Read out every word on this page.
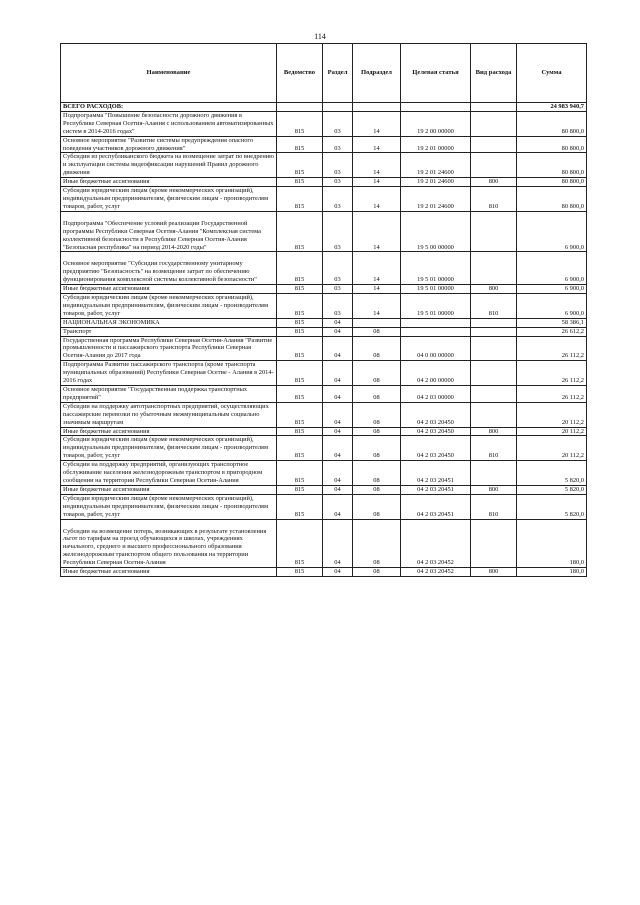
114
Наименование	Ведомство	Раздел	Подраздел	Целевая статья	Вид расхода	Сумма
ВСЕГО РАСХОДОВ:						24 983 940,7
Подпрограмма "Повышение безопасности дорожного движения в Республике Северная Осетия-Алания с использованием автоматизированных систем в 2014-2016 годах"	815	03	14	19 2 00 00000		80 800,0
Основное мероприятие "Развитие системы предупреждения опасного поведения участников дорожного движения"	815	03	14	19 2 01 00000		80 800,0
Субсидии из республиканского бюджета на возмещение затрат по внедрению и эксплуатации системы видеофиксации нарушений Правил дорожного движения	815	03	14	19 2 01 24600		80 800,0
Иные бюджетные ассигнования	815	03	14	19 2 01 24600	800	80 800,0
Субсидии юридическим лицам (кроме некоммерческих организаций), индивидуальным предпринимателям, физическим лицам - производителям товаров, работ, услуг	815	03	14	19 2 01 24600	810	80 800,0
Подпрограмма "Обеспечение условий реализации Государственной программы Республики Северная Осетия-Алания "Комплексная система коллективной безопасности в Республике Северная Осетия-Алания "Безопасная республика" на период 2014-2020 годы"	815	03	14	19 5 00 00000		6 900,0
Основное мероприятие "Субсидии государственному унитарному предприятию "Безопасность" на возмещение затрат по обеспечению функционирования комплексной системы коллективной безопасности"	815	03	14	19 5 01 00000		6 900,0
Иные бюджетные ассигнования	815	03	14	19 5 01 00000	800	6 900,0
Субсидии юридическим лицам (кроме некоммерческих организаций), индивидуальным предпринимателям, физическим лицам - производителям товаров, работ, услуг	815	03	14	19 5 01 00000	810	6 900,0
НАЦИОНАЛЬНАЯ ЭКОНОМИКА	815	04				58 386,1
Транспорт	815	04	08			26 612,2
Государственная программа Республики Северная Осетия-Алания "Развитие промышленности и пассажирского транспорта Республики Северная Осетия-Алания до 2017 года	815	04	08	04 0 00 00000		26 112,2
Подпрограмма Развитие пассажирского транспорта (кроме транспорта муниципальных образований) Республики Северная Осетие - Алания в 2014-2016 годах	815	04	08	04 2 00 00000		26 112,2
Основное мероприятие "Государственная поддержка транспортных предприятий"	815	04	08	04 2 03 00000		26 112,2
Субсидии на поддержку автотранспортных предприятий, осуществляющих пассажирские перевозки по убыточным межмуниципальным социально значимым маршрутам	815	04	08	04 2 03 20450		20 112,2
Иные бюджетные ассигнования	815	04	08	04 2 03 20450	800	20 112,2
Субсидии юридическим лицам (кроме некоммерческих организаций), индивидуальным предпринимателям, физическим лицам - производителям товаров, работ, услуг	815	04	08	04 2 03 20450	810	20 112,2
Субсидии на поддержку предприятий, организующих транспортное обслуживание населения железнодорожным транспортом в пригородном сообщении на территории Республики Северная Осетия-Алания	815	04	08	04 2 03 20451		5 820,0
Иные бюджетные ассигнования	815	04	08	04 2 03 20451	800	5 820,0
Субсидии юридическим лицам (кроме некоммерческих организаций), индивидуальным предпринимателям, физическим лицам - производителям товаров, работ, услуг	815	04	08	04 2 03 20451	810	5 820,0
Субсидии на возмещение потерь, возникающих в результате установления льгот по тарифам на проезд обучающихся в школах, учреждениях начального, среднего и высшего профессионального образования железнодорожным транспортом общего пользования на территории Республики Северная Осетия-Алания	815	04	08	04 2 03 20452		180,0
Иные бюджетные ассигнования	815	04	08	04 2 03 20452	800	180,0
